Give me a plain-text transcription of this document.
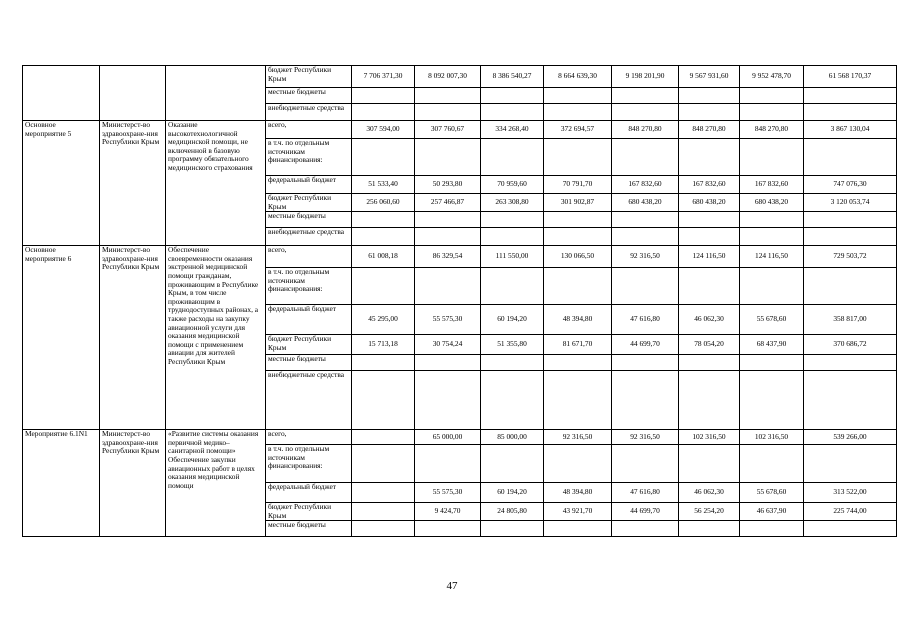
			бюджет Республики Крым	7 706 371,30	8 092 007,30	8 386 540,27	8 664 639,30	9 198 201,90	9 567 931,60	9 952 478,70	61 568 170,37
			местные бюджеты								
			внебюджетные средства								
Основное мероприятие 5	Министерст-во здравоохране-ния Республики Крым	Оказание высокотехнологичной медицинской помощи, не включенной в базовую программу обязательного медицинского страхования	всего,	307 594,00	307 760,67	334 268,40	372 694,57	848 270,80	848 270,80	848 270,80	3 867 130,04
			в т.ч. по отдельным источникам финансирования:								
			федеральный бюджет	51 533,40	50 293,80	70 959,60	70 791,70	167 832,60	167 832,60	167 832,60	747 076,30
			бюджет Республики Крым	256 060,60	257 466,87	263 308,80	301 902,87	680 438,20	680 438,20	680 438,20	3 120 053,74
			местные бюджеты								
			внебюджетные средства								
Основное мероприятие 6	Министерст-во здравоохране-ния Республики Крым	Обеспечение своевременности оказания экстренной медицинской помощи гражданам, проживающим в Республике Крым, в том числе проживающим в труднодоступных районах, а также расходы на закупку авиационной услуги для оказания медицинской помощи с применением авиации для жителей Республики Крым	всего,	61 008,18	86 329,54	111 550,00	130 066,50	92 316,50	124 116,50	124 116,50	729 503,72
			в т.ч. по отдельным источникам финансирования:								
			федеральный бюджет	45 295,00	55 575,30	60 194,20	48 394,80	47 616,80	46 062,30	55 678,60	358 817,00
			бюджет Республики Крым	15 713,18	30 754,24	51 355,80	81 671,70	44 699,70	78 054,20	68 437,90	370 686,72
			местные бюджеты								
			внебюджетные средства								
Мероприятие 6.1N1	Министерст-во здравоохране-ния Республики Крым	«Развитие системы оказания первичной медико–санитарной помощи» Обеспечение закупки авиационных работ в целях оказания медицинской помощи	всего,		65 000,00	85 000,00	92 316,50	92 316,50	102 316,50	102 316,50	539 266,00
			в т.ч. по отдельным источникам финансирования:								
			федеральный бюджет		55 575,30	60 194,20	48 394,80	47 616,80	46 062,30	55 678,60	313 522,00
			бюджет Республики Крым		9 424,70	24 805,80	43 921,70	44 699,70	56 254,20	46 637,90	225 744,00
			местные бюджеты								
47
